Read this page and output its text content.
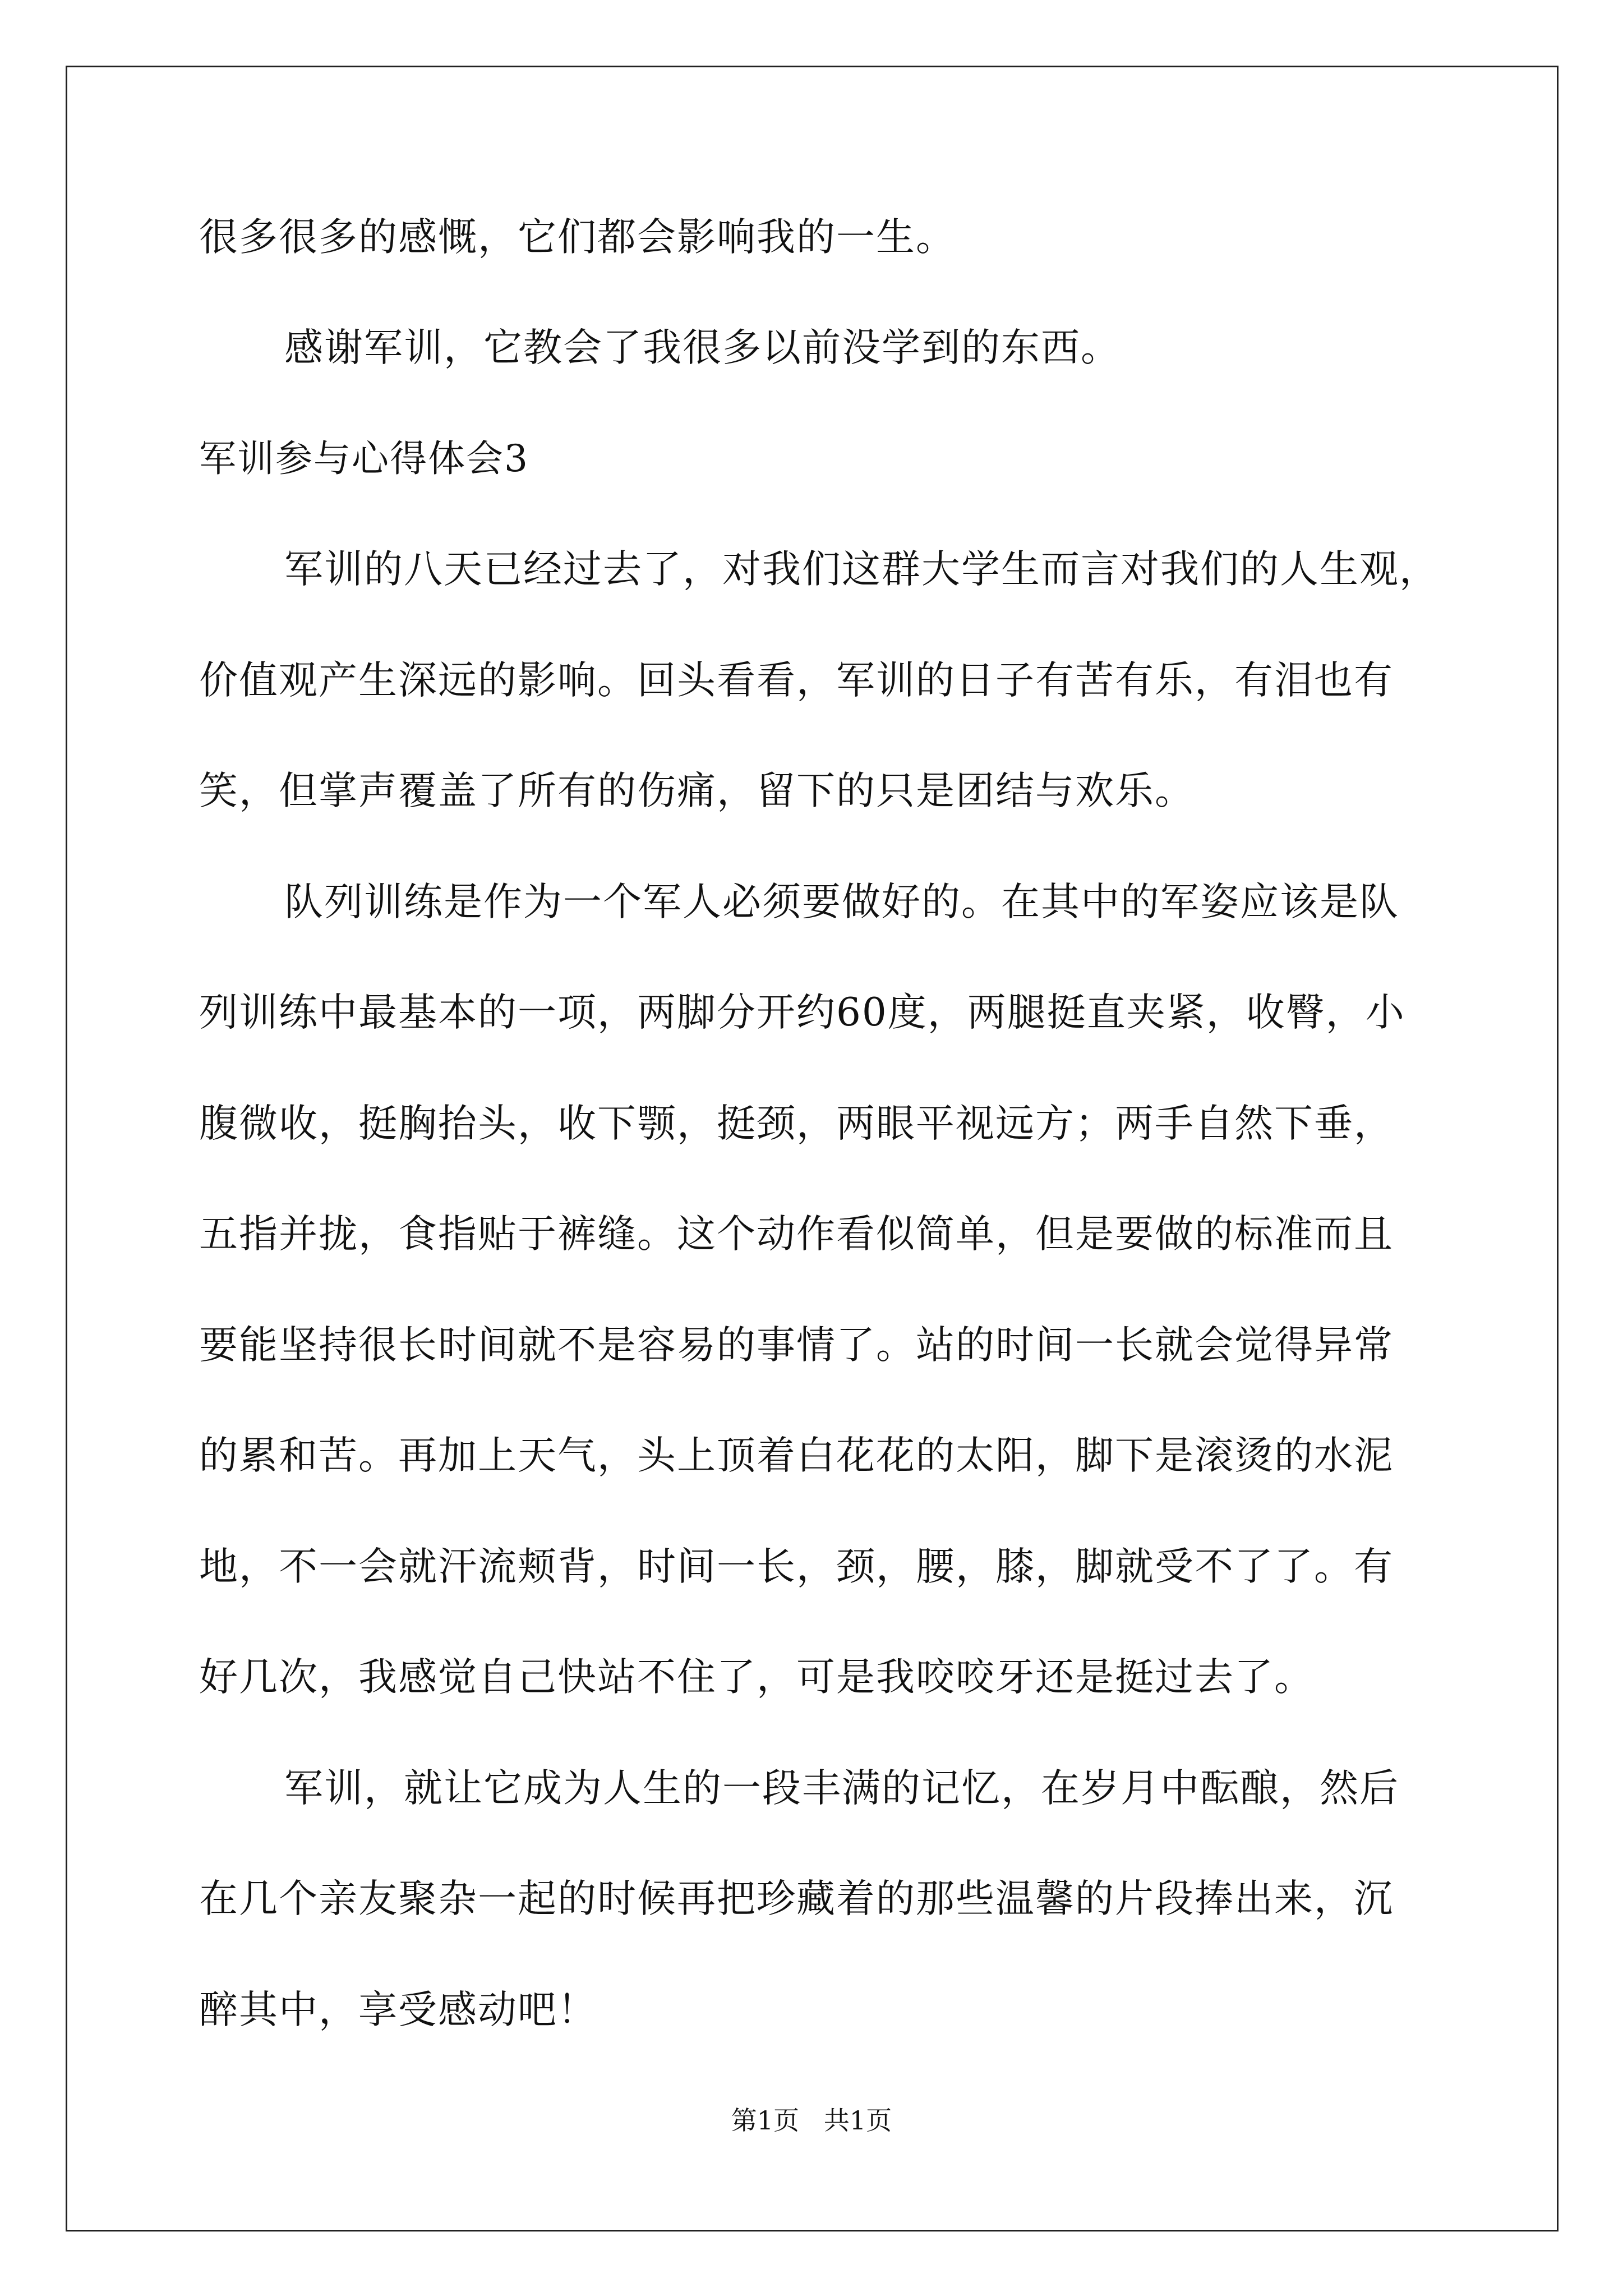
很多很多的感慨，它们都会影响我的一生。
感谢军训，它教会了我很多以前没学到的东西。
军训参与心得体会3
军训的八天已经过去了，对我们这群大学生而言对我们的人生观，
价值观产生深远的影响。回头看看，军训的日子有苦有乐，有泪也有
笑，但掌声覆盖了所有的伤痛，留下的只是团结与欢乐。
队列训练是作为一个军人必须要做好的。在其中的军姿应该是队
列训练中最基本的一项，两脚分开约60度，两腿挺直夹紧，收臀，小
腹微收，挺胸抬头，收下颚，挺颈，两眼平视远方；两手自然下垂，
五指并拢，食指贴于裤缝。这个动作看似简单，但是要做的标准而且
要能坚持很长时间就不是容易的事情了。站的时间一长就会觉得异常
的累和苦。再加上天气，头上顶着白花花的太阳，脚下是滚烫的水泥
地，不一会就汗流颊背，时间一长，颈，腰，膝，脚就受不了了。有
好几次，我感觉自己快站不住了，可是我咬咬牙还是挺过去了。
军训，就让它成为人生的一段丰满的记忆，在岁月中酝酿，然后
在几个亲友聚杂一起的时候再把珍藏着的那些温馨的片段捧出来，沉
醉其中，享受感动吧！
第1页   共1页
